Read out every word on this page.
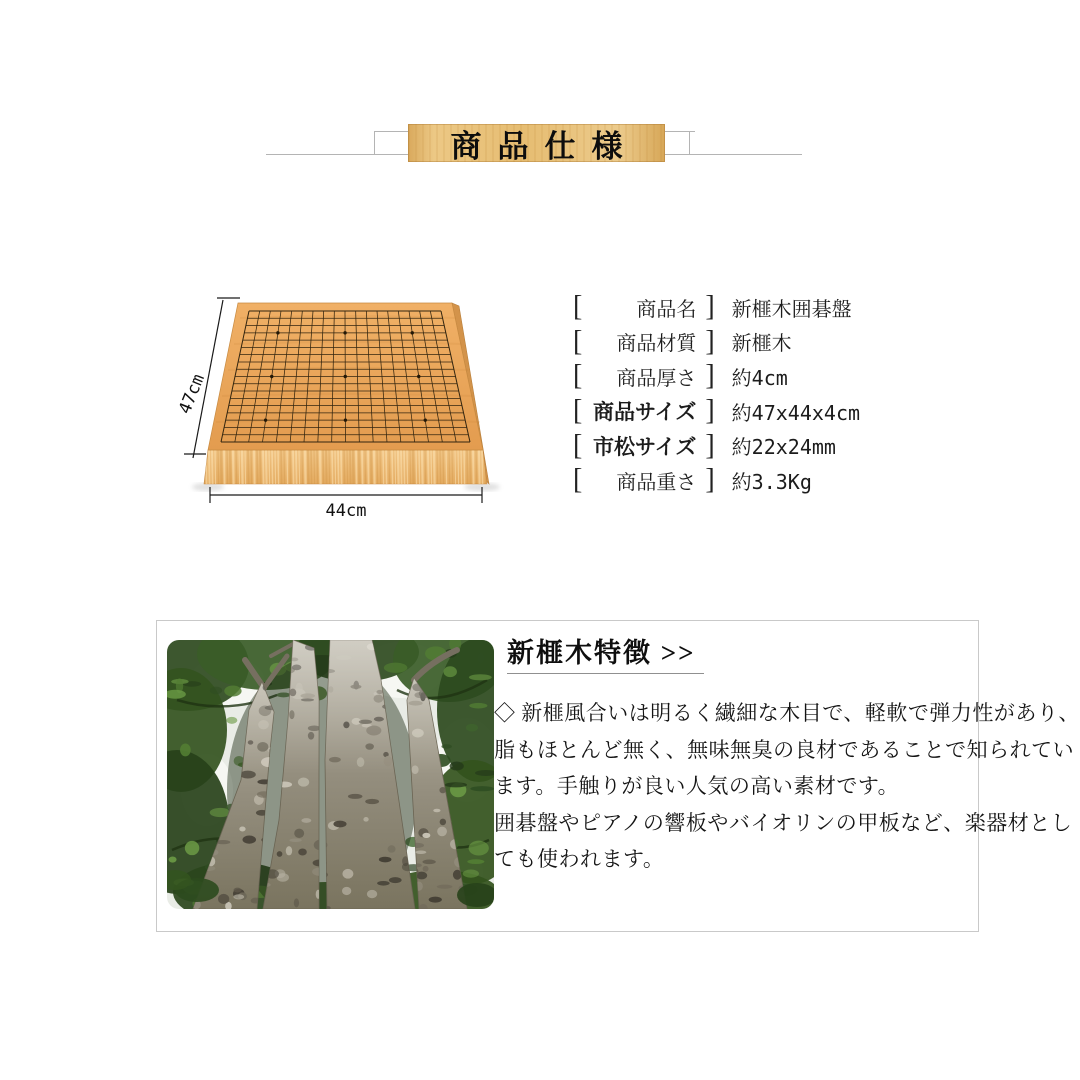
商品仕様
47cm
44cm
[	商品名 ] 新榧木囲碁盤
[	商品材質 ] 新榧木
[	商品厚さ ] 約4cm
[ 商品サイズ ] 約47x44x4cm
[ 市松サイズ ] 約22x24mm
[	商品重さ ] 約3.3Kg
新榧木特徴 >>
◇ 新榧風合いは明るく繊細な木目で、軽軟で弾力性があり、
脂もほとんど無く、無味無臭の良材であることで知られてい
ます。手触りが良い人気の高い素材です。
囲碁盤やピアノの響板やバイオリンの甲板など、楽器材とし
ても使われます。
